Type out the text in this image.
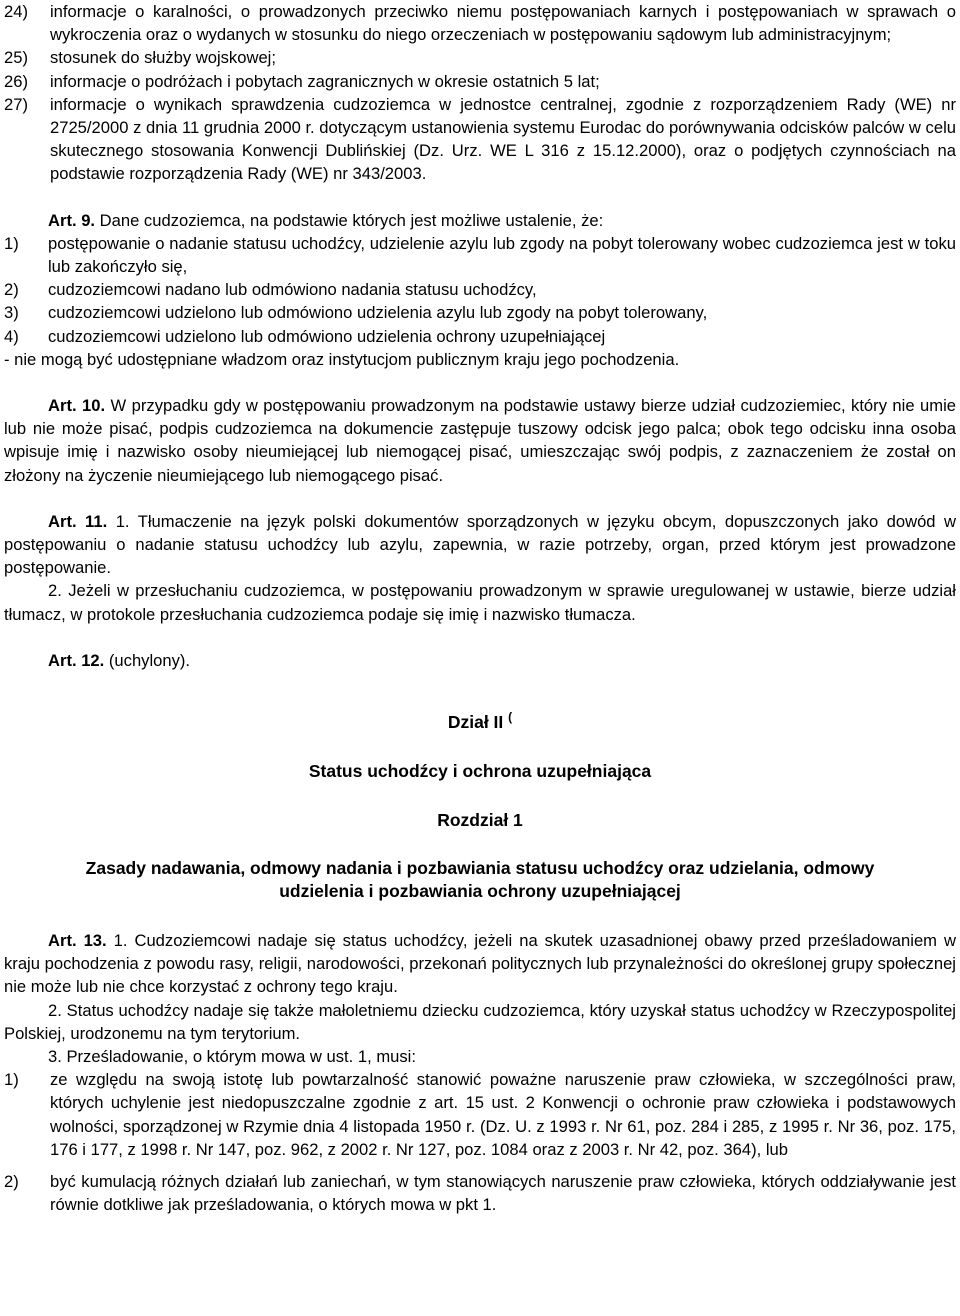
24)	informacje o karalności, o prowadzonych przeciwko niemu postępowaniach karnych i postępowaniach w sprawach o wykroczenia oraz o wydanych w stosunku do niego orzeczeniach w postępowaniu sądowym lub administracyjnym;
25)	stosunek do służby wojskowej;
26)	informacje o podróżach i pobytach zagranicznych w okresie ostatnich 5 lat;
27)	informacje o wynikach sprawdzenia cudzoziemca w jednostce centralnej, zgodnie z rozporządzeniem Rady (WE) nr 2725/2000 z dnia 11 grudnia 2000 r. dotyczącym ustanowienia systemu Eurodac do porównywania odcisków palców w celu skutecznego stosowania Konwencji Dublińskiej (Dz. Urz. WE L 316 z 15.12.2000), oraz o podjętych czynnościach na podstawie rozporządzenia Rady (WE) nr 343/2003.

Art. 9. Dane cudzoziemca, na podstawie których jest możliwe ustalenie, że:

1)	postępowanie o nadanie statusu uchodźcy, udzielenie azylu lub zgody na pobyt tolerowany wobec cudzoziemca jest w toku lub zakończyło się,
2)	cudzoziemcowi nadano lub odmówiono nadania statusu uchodźcy,
3)	cudzoziemcowi udzielono lub odmówiono udzielenia azylu lub zgody na pobyt tolerowany,
4)	cudzoziemcowi udzielono lub odmówiono udzielenia ochrony uzupełniającej

- nie mogą być udostępniane władzom oraz instytucjom publicznym kraju jego pochodzenia.

Art. 10. W przypadku gdy w postępowaniu prowadzonym na podstawie ustawy bierze udział cudzoziemiec, który nie umie lub nie może pisać, podpis cudzoziemca na dokumencie zastępuje tuszowy odcisk jego palca; obok tego odcisku inna osoba wpisuje imię i nazwisko osoby nieumiejącej lub niemogącej pisać, umieszczając swój podpis, z zaznaczeniem że został on złożony na życzenie nieumiejącego lub niemogącego pisać.

Art. 11. 1. Tłumaczenie na język polski dokumentów sporządzonych w języku obcym, dopuszczonych jako dowód w postępowaniu o nadanie statusu uchodźcy lub azylu, zapewnia, w razie potrzeby, organ, przed którym jest prowadzone postępowanie.

2. Jeżeli w przesłuchaniu cudzoziemca, w postępowaniu prowadzonym w sprawie uregulowanej w ustawie, bierze udział tłumacz, w protokole przesłuchania cudzoziemca podaje się imię i nazwisko tłumacza.

Art. 12. (uchylony).

Dział II (

Status uchodźcy i ochrona uzupełniająca

Rozdział 1

Zasady nadawania, odmowy nadania i pozbawiania statusu uchodźcy oraz udzielania, odmowy

udzielenia i pozbawiania ochrony uzupełniającej

Art. 13. 1. Cudzoziemcowi nadaje się status uchodźcy, jeżeli na skutek uzasadnionej obawy przed prześladowaniem w kraju pochodzenia z powodu rasy, religii, narodowości, przekonań politycznych lub przynależności do określonej grupy społecznej nie może lub nie chce korzystać z ochrony tego kraju.

2. Status uchodźcy nadaje się także małoletniemu dziecku cudzoziemca, który uzyskał status uchodźcy w Rzeczypospolitej Polskiej, urodzonemu na tym terytorium.

3. Prześladowanie, o którym mowa w ust. 1, musi:

1)	ze względu na swoją istotę lub powtarzalność stanowić poważne naruszenie praw człowieka, w szczególności praw, których uchylenie jest niedopuszczalne zgodnie z art. 15 ust. 2 Konwencji o ochronie praw człowieka i podstawowych wolności, sporządzonej w Rzymie dnia 4 listopada 1950 r. (Dz. U. z 1993 r. Nr 61, poz. 284 i 285, z 1995 r. Nr 36, poz. 175, 176 i 177, z 1998 r. Nr 147, poz. 962, z 2002 r. Nr 127, poz. 1084 oraz z 2003 r. Nr 42, poz. 364), lub
2)	być kumulacją różnych działań lub zaniechań, w tym stanowiących naruszenie praw człowieka, których oddziaływanie jest równie dotkliwe jak prześladowania, o których mowa w pkt 1.
